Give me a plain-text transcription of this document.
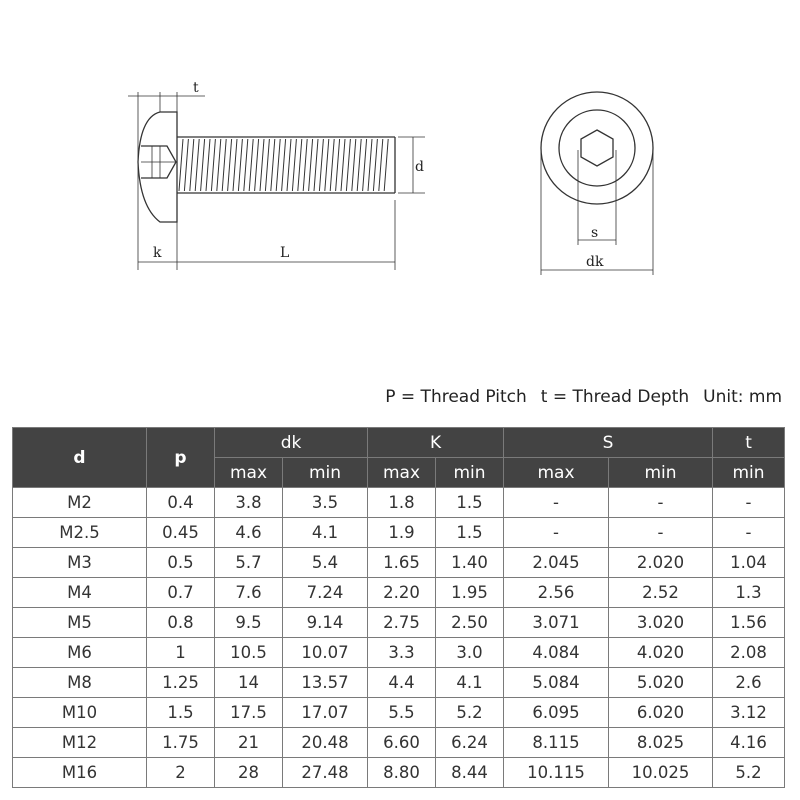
t
d
k	L
s
dk
P = Thread Pitch t = Thread Depth Unit: mm
d	p	dk		K		S		t
		max	min	max	min	max	min	min
M2	0.4	3.8	3.5	1.8	1.5	-	-	-
M2.5	0.45	4.6	4.1	1.9	1.5	-	-	-
M3	0.5	5.7	5.4	1.65	1.40	2.045	2.020	1.04
M4	0.7	7.6	7.24	2.20	1.95	2.56	2.52	1.3
M5	0.8	9.5	9.14	2.75	2.50	3.071	3.020	1.56
M6	1	10.5	10.07	3.3	3.0	4.084	4.020	2.08
M8	1.25	14	13.57	4.4	4.1	5.084	5.020	2.6
M10	1.5	17.5	17.07	5.5	5.2	6.095	6.020	3.12
M12	1.75	21	20.48	6.60	6.24	8.115	8.025	4.16
M16	2	28	27.48	8.80	8.44	10.115	10.025	5.2
